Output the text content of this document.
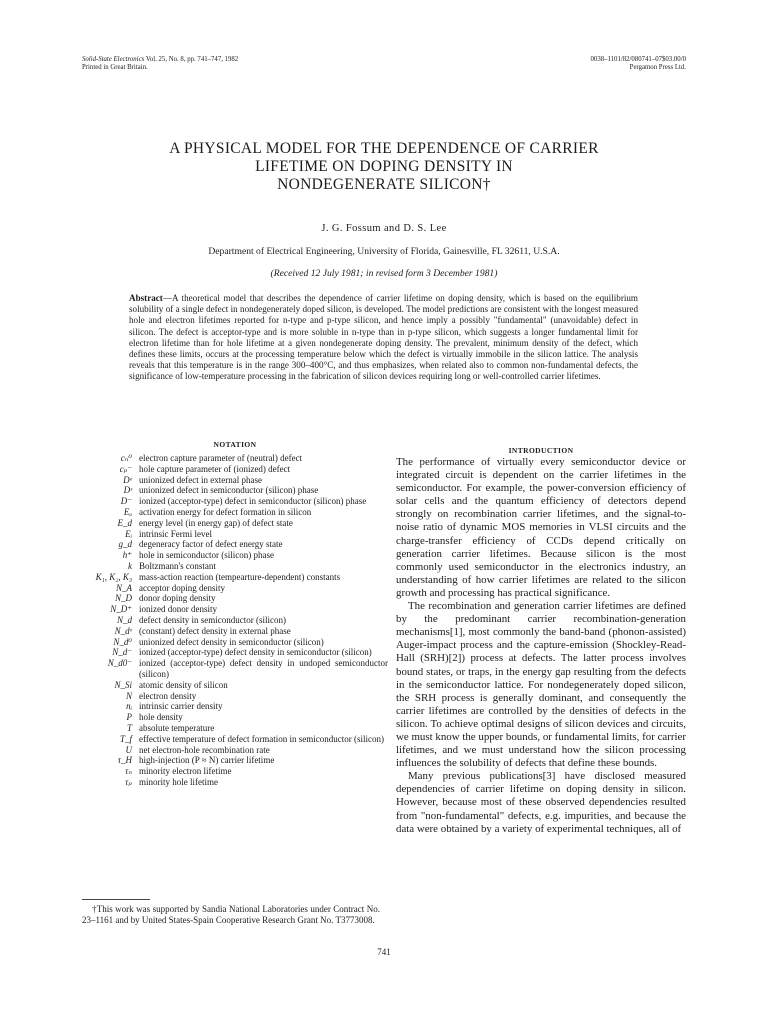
Solid-State Electronics Vol. 25, No. 8, pp. 741–747, 1982
Printed in Great Britain.
0038–1101/82/080741–07$03.00/0
Pergamon Press Ltd.
A PHYSICAL MODEL FOR THE DEPENDENCE OF CARRIER
LIFETIME ON DOPING DENSITY IN
NONDEGENERATE SILICON†
J. G. Fossum and D. S. Lee
Department of Electrical Engineering, University of Florida, Gainesville, FL 32611, U.S.A.
(Received 12 July 1981; in revised form 3 December 1981)
Abstract—A theoretical model that describes the dependence of carrier lifetime on doping density, which is based on the equilibrium solubility of a single defect in nondegenerately doped silicon, is developed. The model predictions are consistent with the longest measured hole and electron lifetimes reported for n-type and p-type silicon, and hence imply a possibly "fundamental" (unavoidable) defect in silicon. The defect is acceptor-type and is more soluble in n-type than in p-type silicon, which suggests a longer fundamental limit for electron lifetime than for hole lifetime at a given nondegenerate doping density. The prevalent, minimum density of the defect, which defines these limits, occurs at the processing temperature below which the defect is virtually immobile in the silicon lattice. The analysis reveals that this temperature is in the range 300–400°C, and thus emphasizes, when related also to common non-fundamental defects, the significance of low-temperature processing in the fabrication of silicon devices requiring long or well-controlled carrier lifetimes.
NOTATION
cₙ⁰ electron capture parameter of (neutral) defect
cₚ⁻ hole capture parameter of (ionized) defect
Dᵉ unionized defect in external phase
Dˢ unionized defect in semiconductor (silicon) phase
D⁻ ionized (acceptor-type) defect in semiconductor (silicon) phase
Eₐ activation energy for defect formation in silicon
E_d energy level (in energy gap) of defect state
Eᵢ intrinsic Fermi level
g_d degeneracy factor of defect energy state
h⁺ hole in semiconductor (silicon) phase
k Boltzmann's constant
K₁, K₂, K₃ mass-action reaction (tempearture-dependent) constants
N_A acceptor doping density
N_D donor doping density
N_D⁺ ionized donor density
N_d defect density in semiconductor (silicon)
N_dᵉ (constant) defect density in external phase
N_d⁰ unionized defect density in semiconductor (silicon)
N_d⁻ ionized (acceptor-type) defect density in semiconductor (silicon)
N_d0⁻ ionized (acceptor-type) defect density in undoped semiconductor (silicon)
N_Si atomic density of silicon
N electron density
nᵢ intrinsic carrier density
P hole density
T absolute temperature
T_f effective temperature of defect formation in semiconductor (silicon)
U net electron-hole recombination rate
τ_H high-injection (P ≈ N) carrier lifetime
τₙ minority electron lifetime
τₚ minority hole lifetime
†This work was supported by Sandia National Laboratories under Contract No. 23–1161 and by United States-Spain Cooperative Research Grant No. T3773008.
INTRODUCTION

The performance of virtually every semiconductor device or integrated circuit is dependent on the carrier lifetimes in the semiconductor. For example, the power-conversion efficiency of solar cells and the quantum efficiency of detectors depend strongly on recombination carrier lifetimes, and the signal-to-noise ratio of dynamic MOS memories in VLSI circuits and the charge-transfer efficiency of CCDs depend critically on generation carrier lifetimes. Because silicon is the most commonly used semiconductor in the electronics industry, an understanding of how carrier lifetimes are related to the silicon growth and processing has practical significance.

The recombination and generation carrier lifetimes are defined by the predominant carrier recombination-generation mechanisms[1], most commonly the band-band (phonon-assisted) Auger-impact process and the capture-emission (Shockley-Read-Hall (SRH)[2]) process at defects. The latter process involves bound states, or traps, in the energy gap resulting from the defects in the semiconductor lattice. For nondegenerately doped silicon, the SRH process is generally dominant, and consequently the carrier lifetimes are controlled by the densities of defects in the silicon. To achieve optimal designs of silicon devices and circuits, we must know the upper bounds, or fundamental limits, for carrier lifetimes, and we must understand how the silicon processing influences the solubility of defects that define these bounds.

Many previous publications[3] have disclosed measured dependencies of carrier lifetime on doping density in silicon. However, because most of these observed dependencies resulted from "non-fundamental" defects, e.g. impurities, and because the data were obtained by a variety of experimental techniques, all of

741
